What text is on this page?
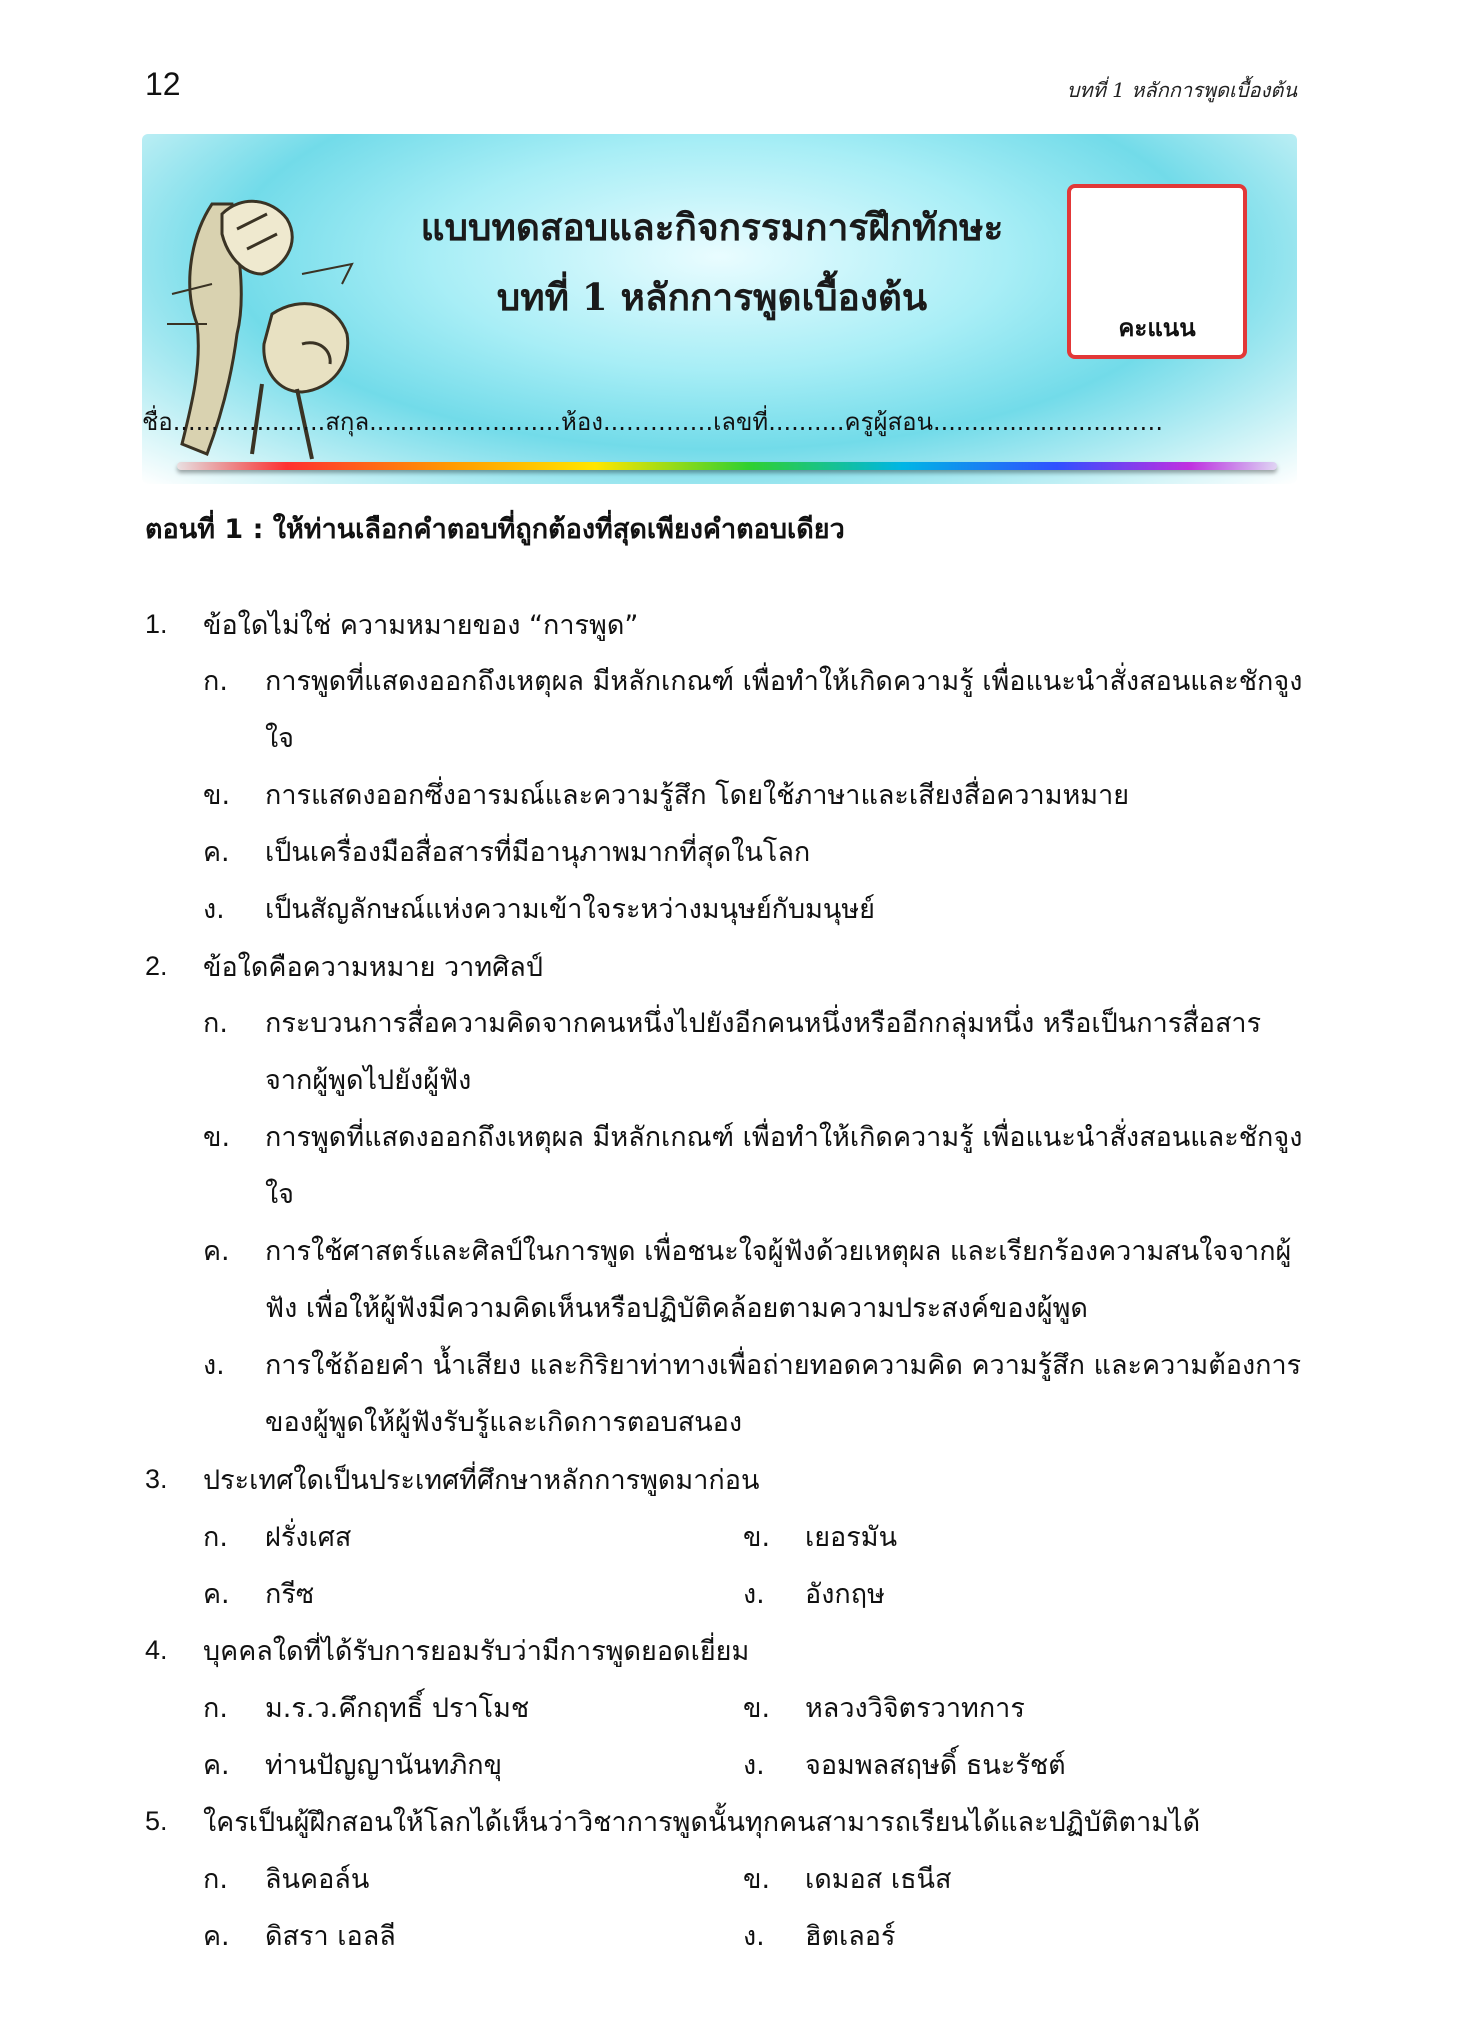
12	บทที่ 1 หลักการพูดเบื้องต้น
แบบทดสอบและกิจกรรมการฝึกทักษะ
บทที่ 1 หลักการพูดเบื้องต้น
คะแนน
ชื่อ....................สกุล..............…........ห้อง...…….….เลขที่..........ครูผู้สอน..........................….
ตอนที่ 1 : ให้ท่านเลือกคำตอบที่ถูกต้องที่สุดเพียงคำตอบเดียว
1.	ข้อใดไม่ใช่ ความหมายของ “การพูด”
ก.	การพูดที่แสดงออกถึงเหตุผล มีหลักเกณฑ์ เพื่อทำให้เกิดความรู้ เพื่อแนะนำสั่งสอนและชักจูงใจ
ข.	การแสดงออกซึ่งอารมณ์และความรู้สึก โดยใช้ภาษาและเสียงสื่อความหมาย
ค.	เป็นเครื่องมือสื่อสารที่มีอานุภาพมากที่สุดในโลก
ง.	เป็นสัญลักษณ์แห่งความเข้าใจระหว่างมนุษย์กับมนุษย์
2.	ข้อใดคือความหมาย วาทศิลป์
ก.	กระบวนการสื่อความคิดจากคนหนึ่งไปยังอีกคนหนึ่งหรืออีกกลุ่มหนึ่ง หรือเป็นการสื่อสารจากผู้พูดไปยังผู้ฟัง
ข.	การพูดที่แสดงออกถึงเหตุผล มีหลักเกณฑ์ เพื่อทำให้เกิดความรู้ เพื่อแนะนำสั่งสอนและชักจูงใจ
ค.	การใช้ศาสตร์และศิลป์ในการพูด เพื่อชนะใจผู้ฟังด้วยเหตุผล และเรียกร้องความสนใจจากผู้ฟัง เพื่อให้ผู้ฟังมีความคิดเห็นหรือปฏิบัติคล้อยตามความประสงค์ของผู้พูด
ง.	การใช้ถ้อยคำ น้ำเสียง และกิริยาท่าทางเพื่อถ่ายทอดความคิด ความรู้สึก และความต้องการของผู้พูดให้ผู้ฟังรับรู้และเกิดการตอบสนอง
3.	ประเทศใดเป็นประเทศที่ศึกษาหลักการพูดมาก่อน
ก.	ฝรั่งเศส	ข.	เยอรมัน
ค.	กรีซ	ง.	อังกฤษ
4.	บุคคลใดที่ได้รับการยอมรับว่ามีการพูดยอดเยี่ยม
ก.	ม.ร.ว.คึกฤทธิ์ ปราโมช	ข.	หลวงวิจิตรวาทการ
ค.	ท่านปัญญานันทภิกขุ	ง.	จอมพลสฤษดิ์ ธนะรัชต์
5.	ใครเป็นผู้ฝึกสอนให้โลกได้เห็นว่าวิชาการพูดนั้นทุกคนสามารถเรียนได้และปฏิบัติตามได้
ก.	ลินคอล์น	ข.	เดมอส เธนีส
ค.	ดิสรา เอลลี	ง.	ฮิตเลอร์
